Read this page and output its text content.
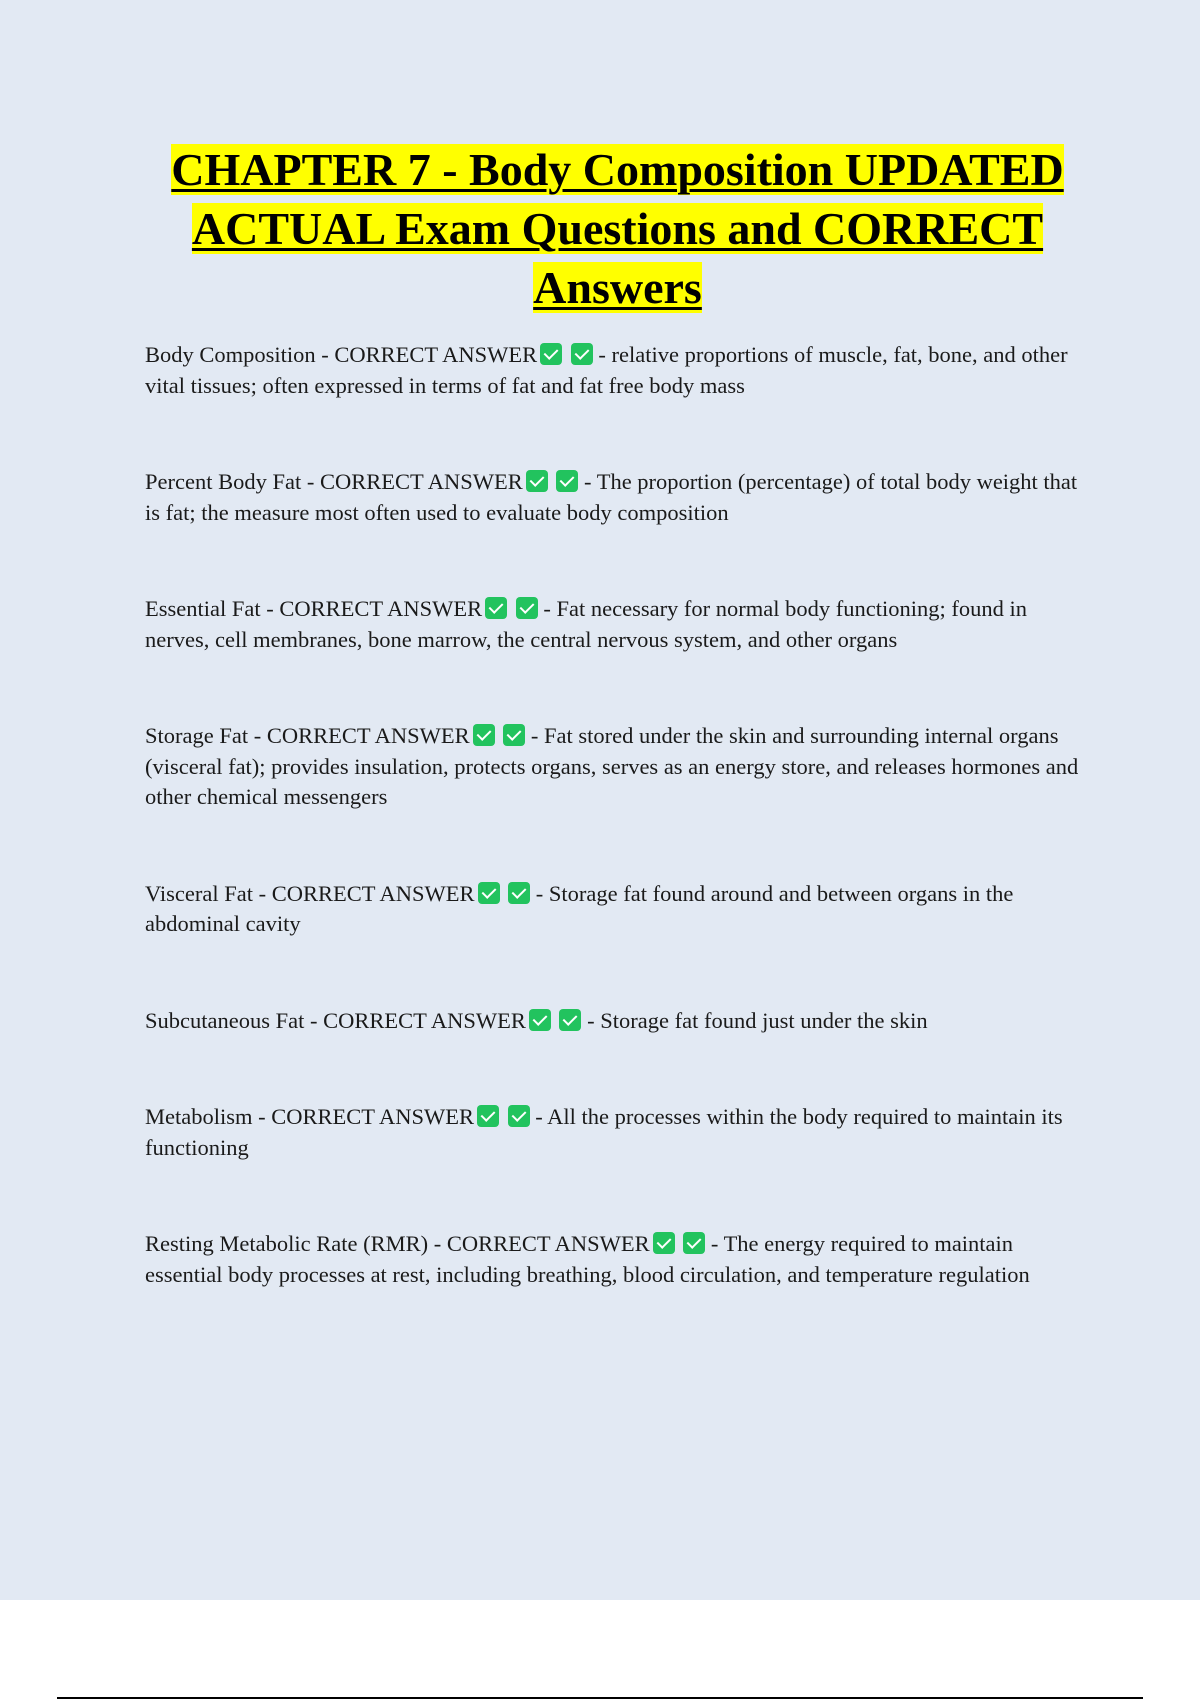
CHAPTER 7 - Body Composition UPDATED ACTUAL Exam Questions and CORRECT Answers

Body Composition - CORRECT ANSWER  - relative proportions of muscle, fat, bone, and other vital tissues; often expressed in terms of fat and fat free body mass

Percent Body Fat - CORRECT ANSWER  - The proportion (percentage) of total body weight that is fat; the measure most often used to evaluate body composition

Essential Fat - CORRECT ANSWER  - Fat necessary for normal body functioning; found in nerves, cell membranes, bone marrow, the central nervous system, and other organs

Storage Fat - CORRECT ANSWER  - Fat stored under the skin and surrounding internal organs (visceral fat); provides insulation, protects organs, serves as an energy store, and releases hormones and other chemical messengers

Visceral Fat - CORRECT ANSWER  - Storage fat found around and between organs in the abdominal cavity

Subcutaneous Fat - CORRECT ANSWER  - Storage fat found just under the skin

Metabolism - CORRECT ANSWER  - All the processes within the body required to maintain its functioning

Resting Metabolic Rate (RMR) - CORRECT ANSWER  - The energy required to maintain essential body processes at rest, including breathing, blood circulation, and temperature regulation
